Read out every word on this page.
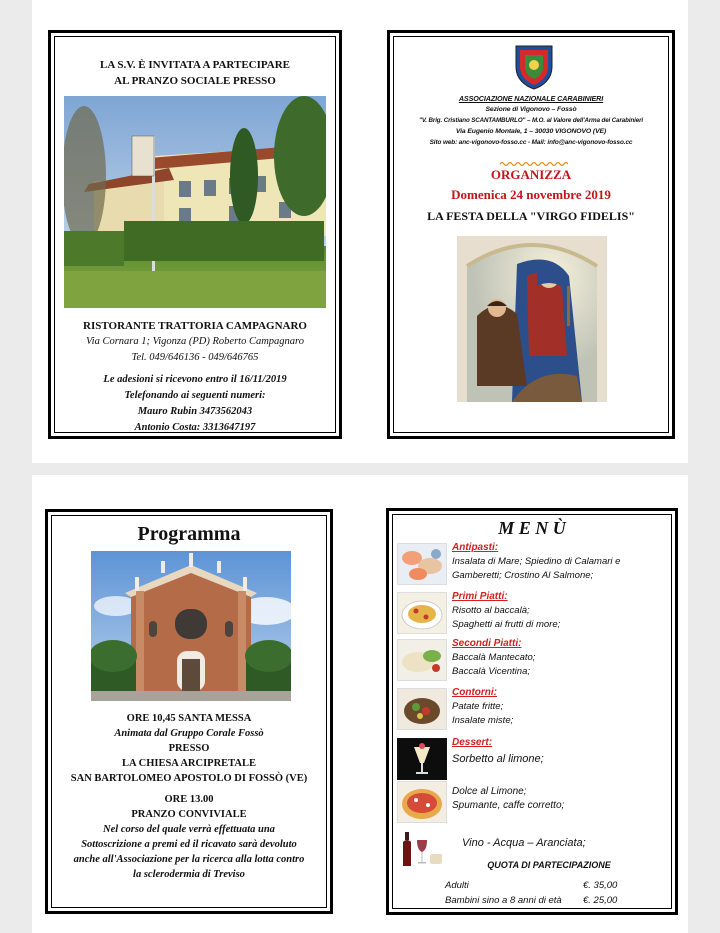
LA S.V. È INVITATA A PARTECIPARE
AL PRANZO SOCIALE PRESSO
RISTORANTE TRATTORIA CAMPAGNARO
Via Cornara 1; Vigonza (PD) Roberto Campagnaro
Tel. 049/646136 - 049/646765
Le adesioni si ricevono entro il 16/11/2019
Telefonando ai seguenti numeri:
Mauro Rubin 3473562043
Antonio Costa: 3313647197
ASSOCIAZIONE NAZIONALE CARABINIERI
Sezione di Vigonovo – Fossò
"V. Brig. Cristiano SCANTAMBURLO" – M.O. al Valore dell'Arma dei Carabinieri
Via Eugenio Montale, 1 – 30030 VIGONOVO (VE)
Sito web: anc-vigonovo-fosso.cc - Mail: info@anc-vigonovo-fosso.cc
ORGANIZZA
Domenica 24 novembre 2019
LA FESTA DELLA "VIRGO FIDELIS"
Programma
ORE 10,45 SANTA MESSA
Animata dal Gruppo Corale Fossò
PRESSO
LA CHIESA ARCIPRETALE
SAN BARTOLOMEO APOSTOLO DI FOSSÒ (VE)
ORE 13.00
PRANZO CONVIVIALE
Nel corso del quale verrà effettuata una
Sottoscrizione a premi ed il ricavato sarà devoluto
anche all'Associazione per la ricerca alla lotta contro
la sclerodermia di Treviso
M E N Ù
Antipasti:
Insalata di Mare; Spiedino di Calamari e
Gamberetti; Crostino Al Salmone;
Primi Piatti:
Risotto al baccalà;
Spaghetti ai frutti di more;
Secondi Piatti:
Baccalà Mantecato;
Baccalà Vicentina;
Contorni:
Patate fritte;
Insalate miste;
Dessert:
Sorbetto al limone;
Dolce al Limone;
Spumante, caffe corretto;
Vino - Acqua – Aranciata;
QUOTA DI PARTECIPAZIONE
Adulti	€. 35,00
Bambini sino a 8 anni di età €. 25,00
